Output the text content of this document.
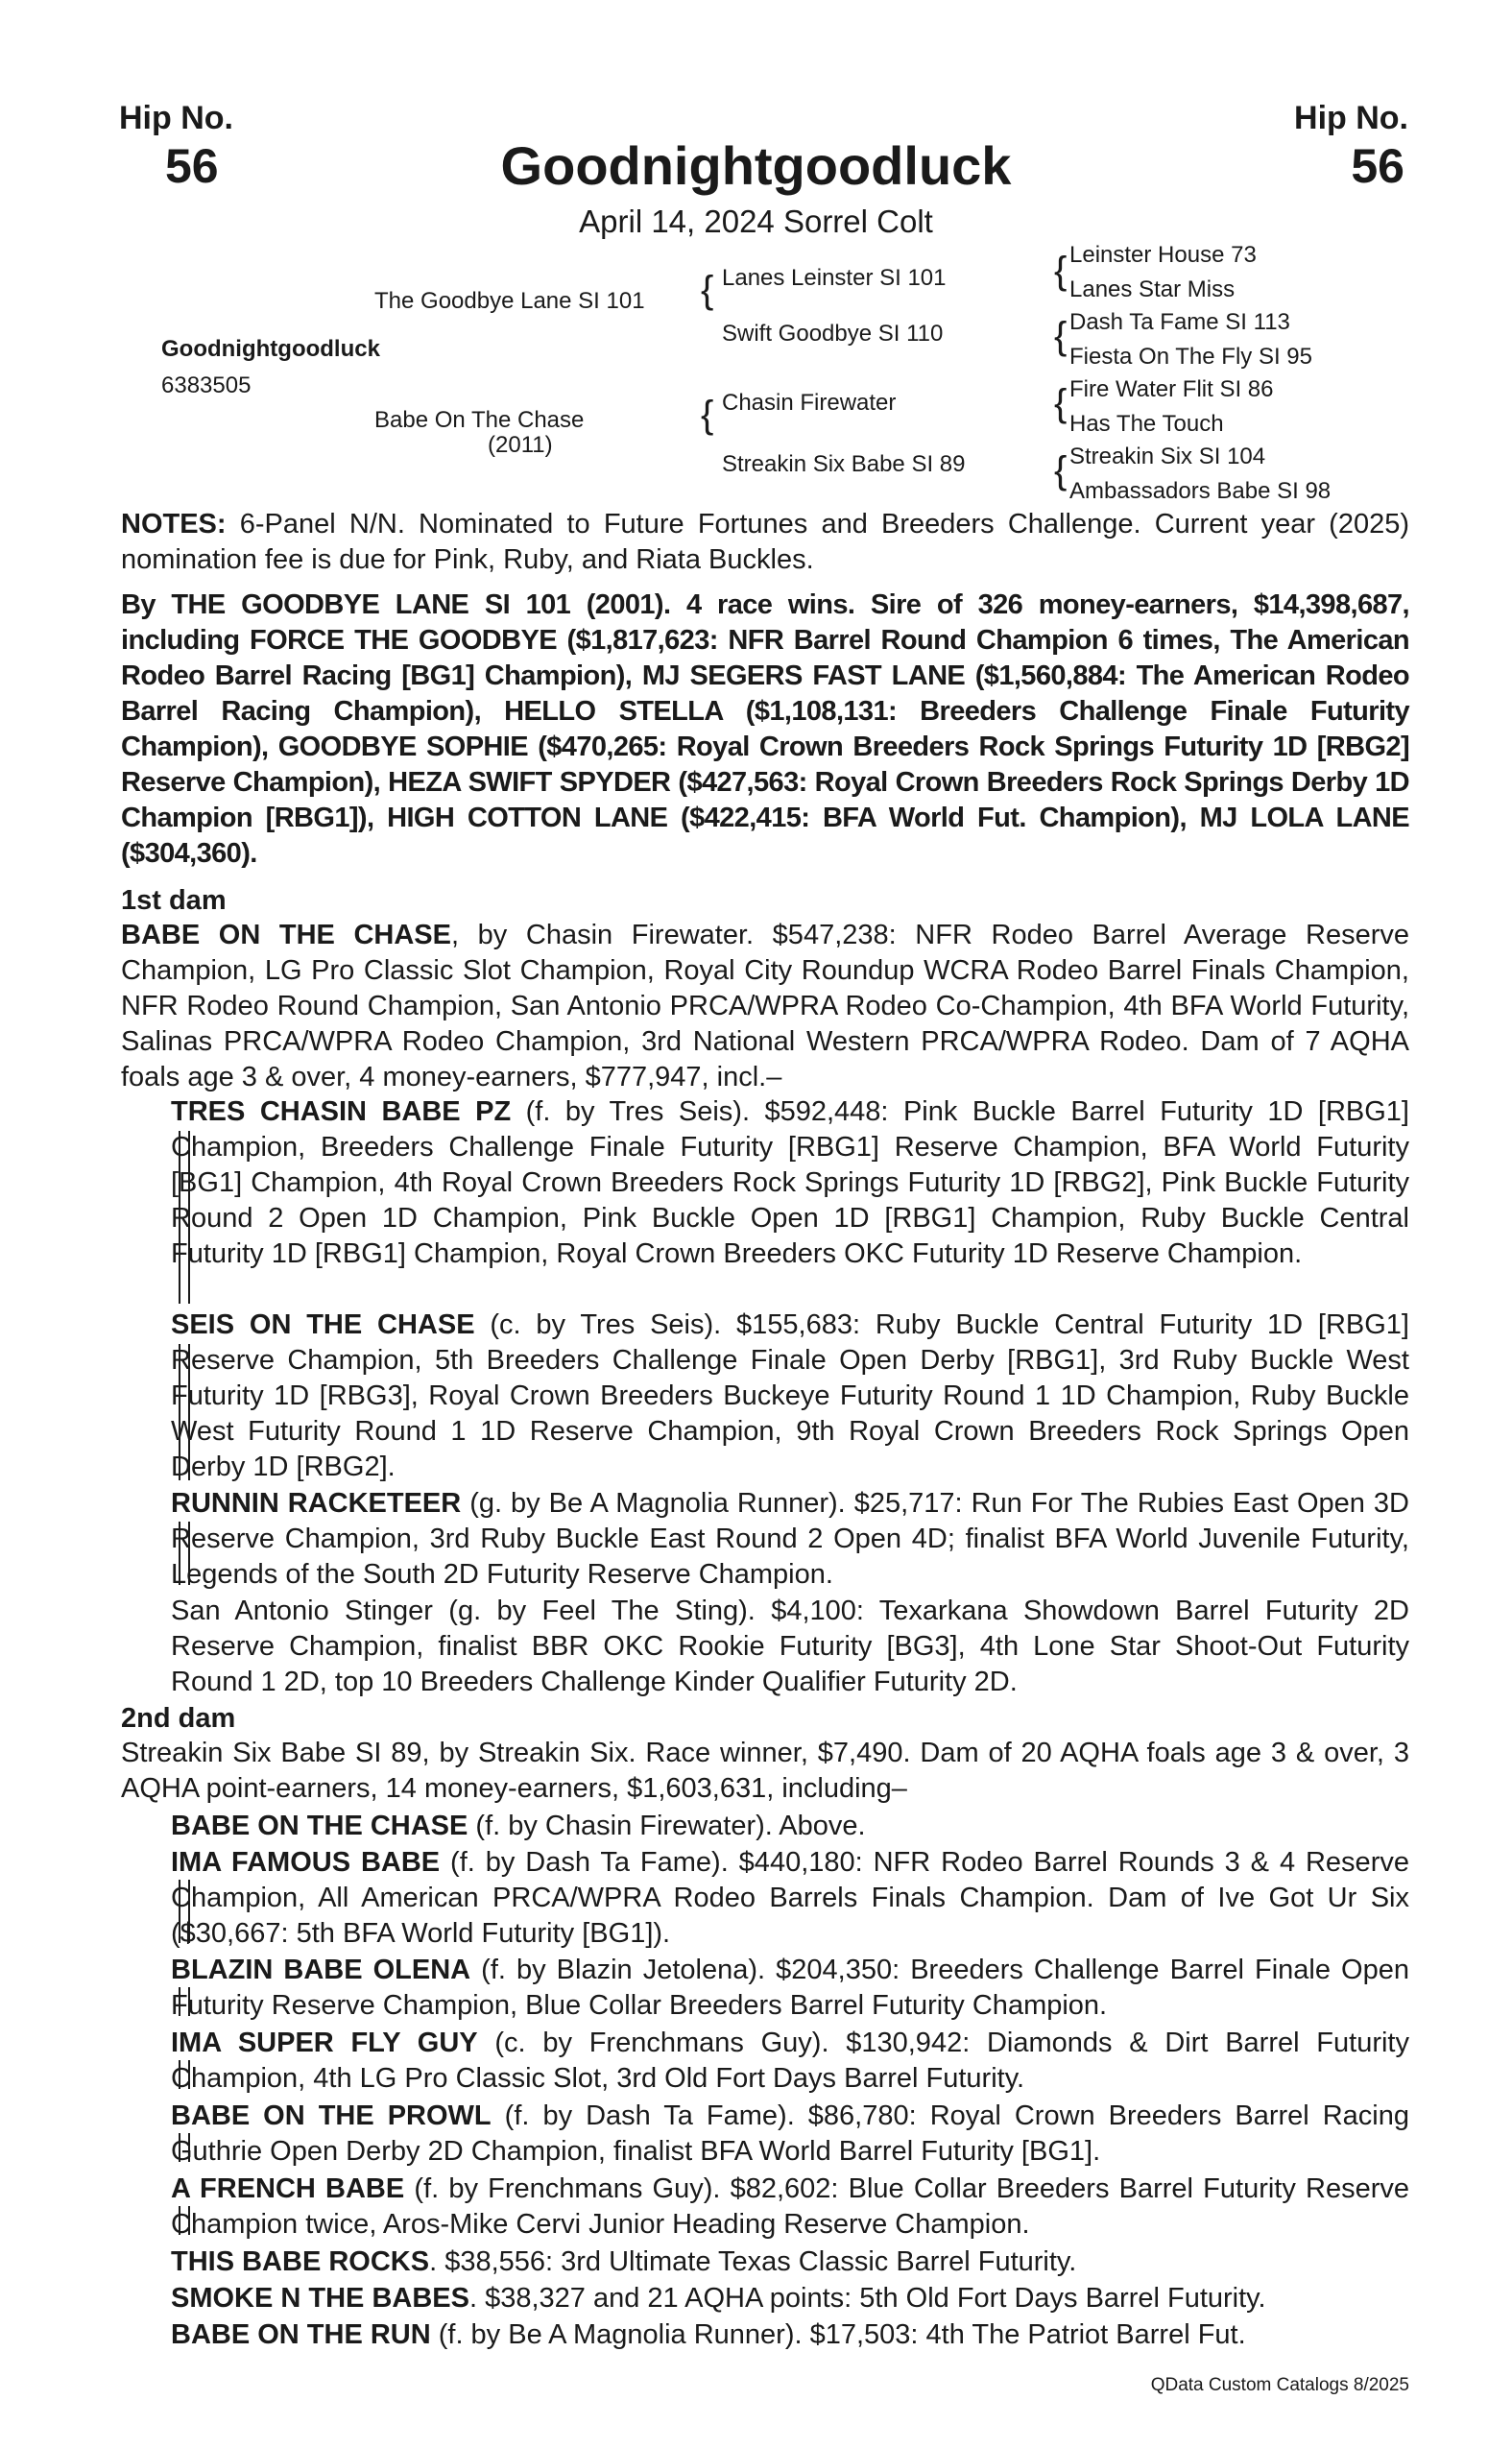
Hip No.
56
Hip No.
56
Goodnightgoodluck
April 14, 2024 Sorrel Colt
The Goodbye Lane SI 101
Goodnightgoodluck
6383505
Babe On The Chase
(2011)
{ Lanes Leinster SI 101
Swift Goodbye SI 110
{ Chasin Firewater
Streakin Six Babe SI 89
{ Leinster House 73
Lanes Star Miss
{ Dash Ta Fame SI 113
Fiesta On The Fly SI 95
{ Fire Water Flit SI 86
Has The Touch
{ Streakin Six SI 104
Ambassadors Babe SI 98
NOTES: 6-Panel N/N. Nominated to Future Fortunes and Breeders Challenge. Current year (2025) nomination fee is due for Pink, Ruby, and Riata Buckles.
By THE GOODBYE LANE SI 101 (2001). 4 race wins. Sire of 326 money-earners, $14,398,687, including FORCE THE GOODBYE ($1,817,623: NFR Barrel Round Champion 6 times, The American Rodeo Barrel Racing [BG1] Champion), MJ SEGERS FAST LANE ($1,560,884: The American Rodeo Barrel Racing Champion), HELLO STELLA ($1,108,131: Breeders Challenge Finale Futurity Champion), GOODBYE SOPHIE ($470,265: Royal Crown Breeders Rock Springs Futurity 1D [RBG2] Reserve Champion), HEZA SWIFT SPYDER ($427,563: Royal Crown Breeders Rock Springs Derby 1D Champion [RBG1]), HIGH COTTON LANE ($422,415: BFA World Fut. Champion), MJ LOLA LANE ($304,360).
1st dam
BABE ON THE CHASE, by Chasin Firewater. $547,238: NFR Rodeo Barrel Average Reserve Champion, LG Pro Classic Slot Champion, Royal City Roundup WCRA Rodeo Barrel Finals Champion, NFR Rodeo Round Champion, San Antonio PRCA/WPRA Rodeo Co-Champion, 4th BFA World Futurity, Salinas PRCA/WPRA Rodeo Champion, 3rd National Western PRCA/WPRA Rodeo. Dam of 7 AQHA foals age 3 & over, 4 money-earners, $777,947, incl.–
TRES CHASIN BABE PZ (f. by Tres Seis). $592,448: Pink Buckle Barrel Futurity 1D [RBG1] Champion, Breeders Challenge Finale Futurity [RBG1] Reserve Champion, BFA World Futurity [BG1] Champion, 4th Royal Crown Breeders Rock Springs Futurity 1D [RBG2], Pink Buckle Futurity Round 2 Open 1D Champion, Pink Buckle Open 1D [RBG1] Champion, Ruby Buckle Central Futurity 1D [RBG1] Champion, Royal Crown Breeders OKC Futurity 1D Reserve Champion.
SEIS ON THE CHASE (c. by Tres Seis). $155,683: Ruby Buckle Central Futurity 1D [RBG1] Reserve Champion, 5th Breeders Challenge Finale Open Derby [RBG1], 3rd Ruby Buckle West Futurity 1D [RBG3], Royal Crown Breeders Buckeye Futurity Round 1 1D Champion, Ruby Buckle West Futurity Round 1 1D Reserve Champion, 9th Royal Crown Breeders Rock Springs Open Derby 1D [RBG2].
RUNNIN RACKETEER (g. by Be A Magnolia Runner). $25,717: Run For The Rubies East Open 3D Reserve Champion, 3rd Ruby Buckle East Round 2 Open 4D; finalist BFA World Juvenile Futurity, Legends of the South 2D Futurity Reserve Champion.
San Antonio Stinger (g. by Feel The Sting). $4,100: Texarkana Showdown Barrel Futurity 2D Reserve Champion, finalist BBR OKC Rookie Futurity [BG3], 4th Lone Star Shoot-Out Futurity Round 1 2D, top 10 Breeders Challenge Kinder Qualifier Futurity 2D.
2nd dam
Streakin Six Babe SI 89, by Streakin Six. Race winner, $7,490. Dam of 20 AQHA foals age 3 & over, 3 AQHA point-earners, 14 money-earners, $1,603,631, including–
BABE ON THE CHASE (f. by Chasin Firewater). Above.
IMA FAMOUS BABE (f. by Dash Ta Fame). $440,180: NFR Rodeo Barrel Rounds 3 & 4 Reserve Champion, All American PRCA/WPRA Rodeo Barrels Finals Champion. Dam of Ive Got Ur Six ($30,667: 5th BFA World Futurity [BG1]).
BLAZIN BABE OLENA (f. by Blazin Jetolena). $204,350: Breeders Challenge Barrel Finale Open Futurity Reserve Champion, Blue Collar Breeders Barrel Futurity Champion.
IMA SUPER FLY GUY (c. by Frenchmans Guy). $130,942: Diamonds & Dirt Barrel Futurity Champion, 4th LG Pro Classic Slot, 3rd Old Fort Days Barrel Futurity.
BABE ON THE PROWL (f. by Dash Ta Fame). $86,780: Royal Crown Breeders Barrel Racing Guthrie Open Derby 2D Champion, finalist BFA World Barrel Futurity [BG1].
A FRENCH BABE (f. by Frenchmans Guy). $82,602: Blue Collar Breeders Barrel Futurity Reserve Champion twice, Aros-Mike Cervi Junior Heading Reserve Champion.
THIS BABE ROCKS. $38,556: 3rd Ultimate Texas Classic Barrel Futurity.
SMOKE N THE BABES. $38,327 and 21 AQHA points: 5th Old Fort Days Barrel Futurity.
BABE ON THE RUN (f. by Be A Magnolia Runner). $17,503: 4th The Patriot Barrel Fut.
QData Custom Catalogs 8/2025
